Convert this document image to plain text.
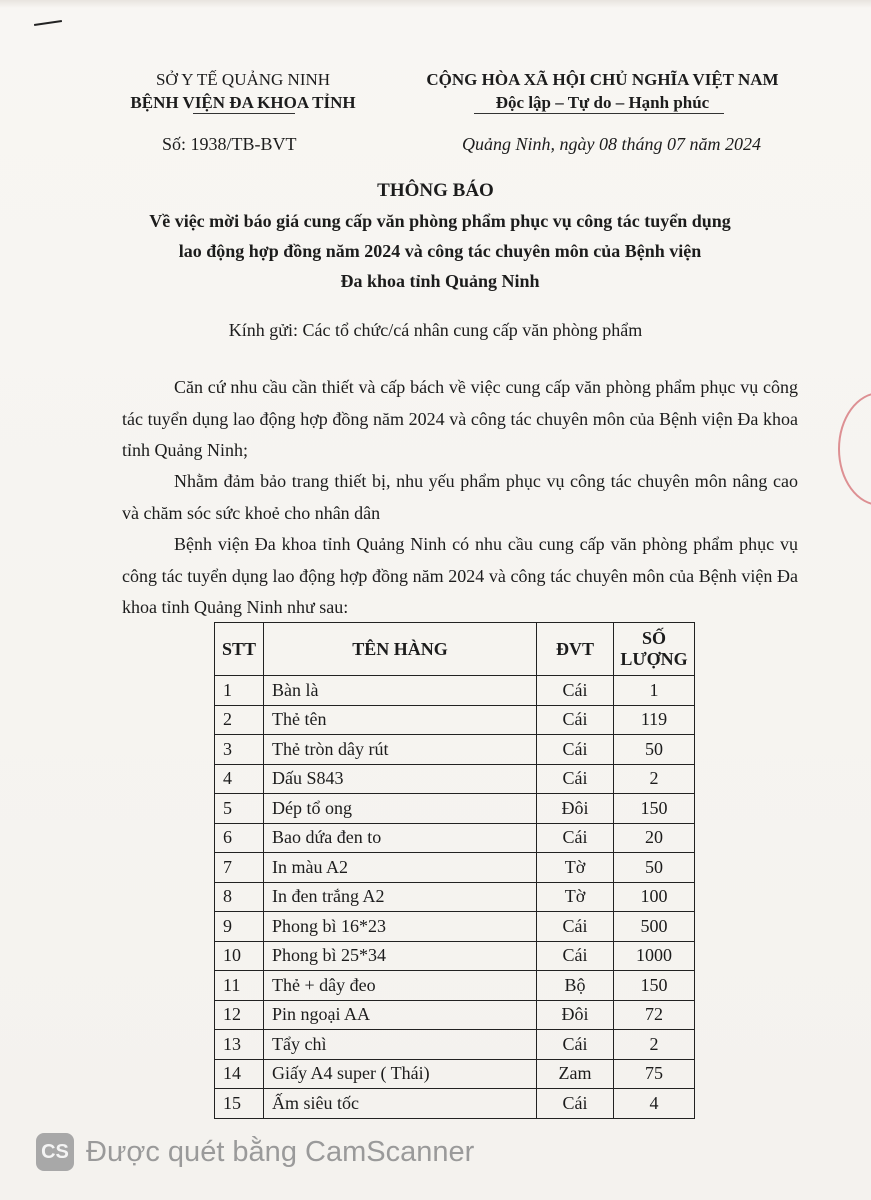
SỞ Y TẾ QUẢNG NINH
BỆNH VIỆN ĐA KHOA TỈNH
CỘNG HÒA XÃ HỘI CHỦ NGHĨA VIỆT NAM
Độc lập – Tự do – Hạnh phúc
Số: 1938/TB-BVT	Quảng Ninh, ngày 08 tháng 07 năm 2024
THÔNG BÁO
Về việc mời báo giá cung cấp văn phòng phẩm phục vụ công tác tuyển dụng
lao động hợp đồng năm 2024 và công tác chuyên môn của Bệnh viện
Đa khoa tỉnh Quảng Ninh
Kính gửi: Các tổ chức/cá nhân cung cấp văn phòng phẩm

Căn cứ nhu cầu cần thiết và cấp bách về việc cung cấp văn phòng phẩm phục vụ công tác tuyển dụng lao động hợp đồng năm 2024 và công tác chuyên môn của Bệnh viện Đa khoa tỉnh Quảng Ninh;

Nhằm đảm bảo trang thiết bị, nhu yếu phẩm phục vụ công tác chuyên môn nâng cao và chăm sóc sức khoẻ cho nhân dân

Bệnh viện Đa khoa tỉnh Quảng Ninh có nhu cầu cung cấp văn phòng phẩm phục vụ công tác tuyển dụng lao động hợp đồng năm 2024 và công tác chuyên môn của Bệnh viện Đa khoa tỉnh Quảng Ninh như sau:

STT	TÊN HÀNG	ĐVT	SỐ
LƯỢNG

1	Bàn là	Cái	1
2	Thẻ tên	Cái	119
3	Thẻ tròn dây rút	Cái	50
4	Dấu S843	Cái	2
5	Dép tổ ong	Đôi	150
6	Bao dứa đen to	Cái	20
7	In màu A2	Tờ	50
8	In đen trắng A2	Tờ	100
9	Phong bì 16*23	Cái	500
10	Phong bì 25*34	Cái	1000
11	Thẻ + dây đeo	Bộ	150
12	Pin ngoại AA	Đôi	72
13	Tẩy chì	Cái	2
14	Giấy A4 super ( Thái)	Zam	75
15	Ấm siêu tốc	Cái	4
CS Được quét bằng CamScanner
